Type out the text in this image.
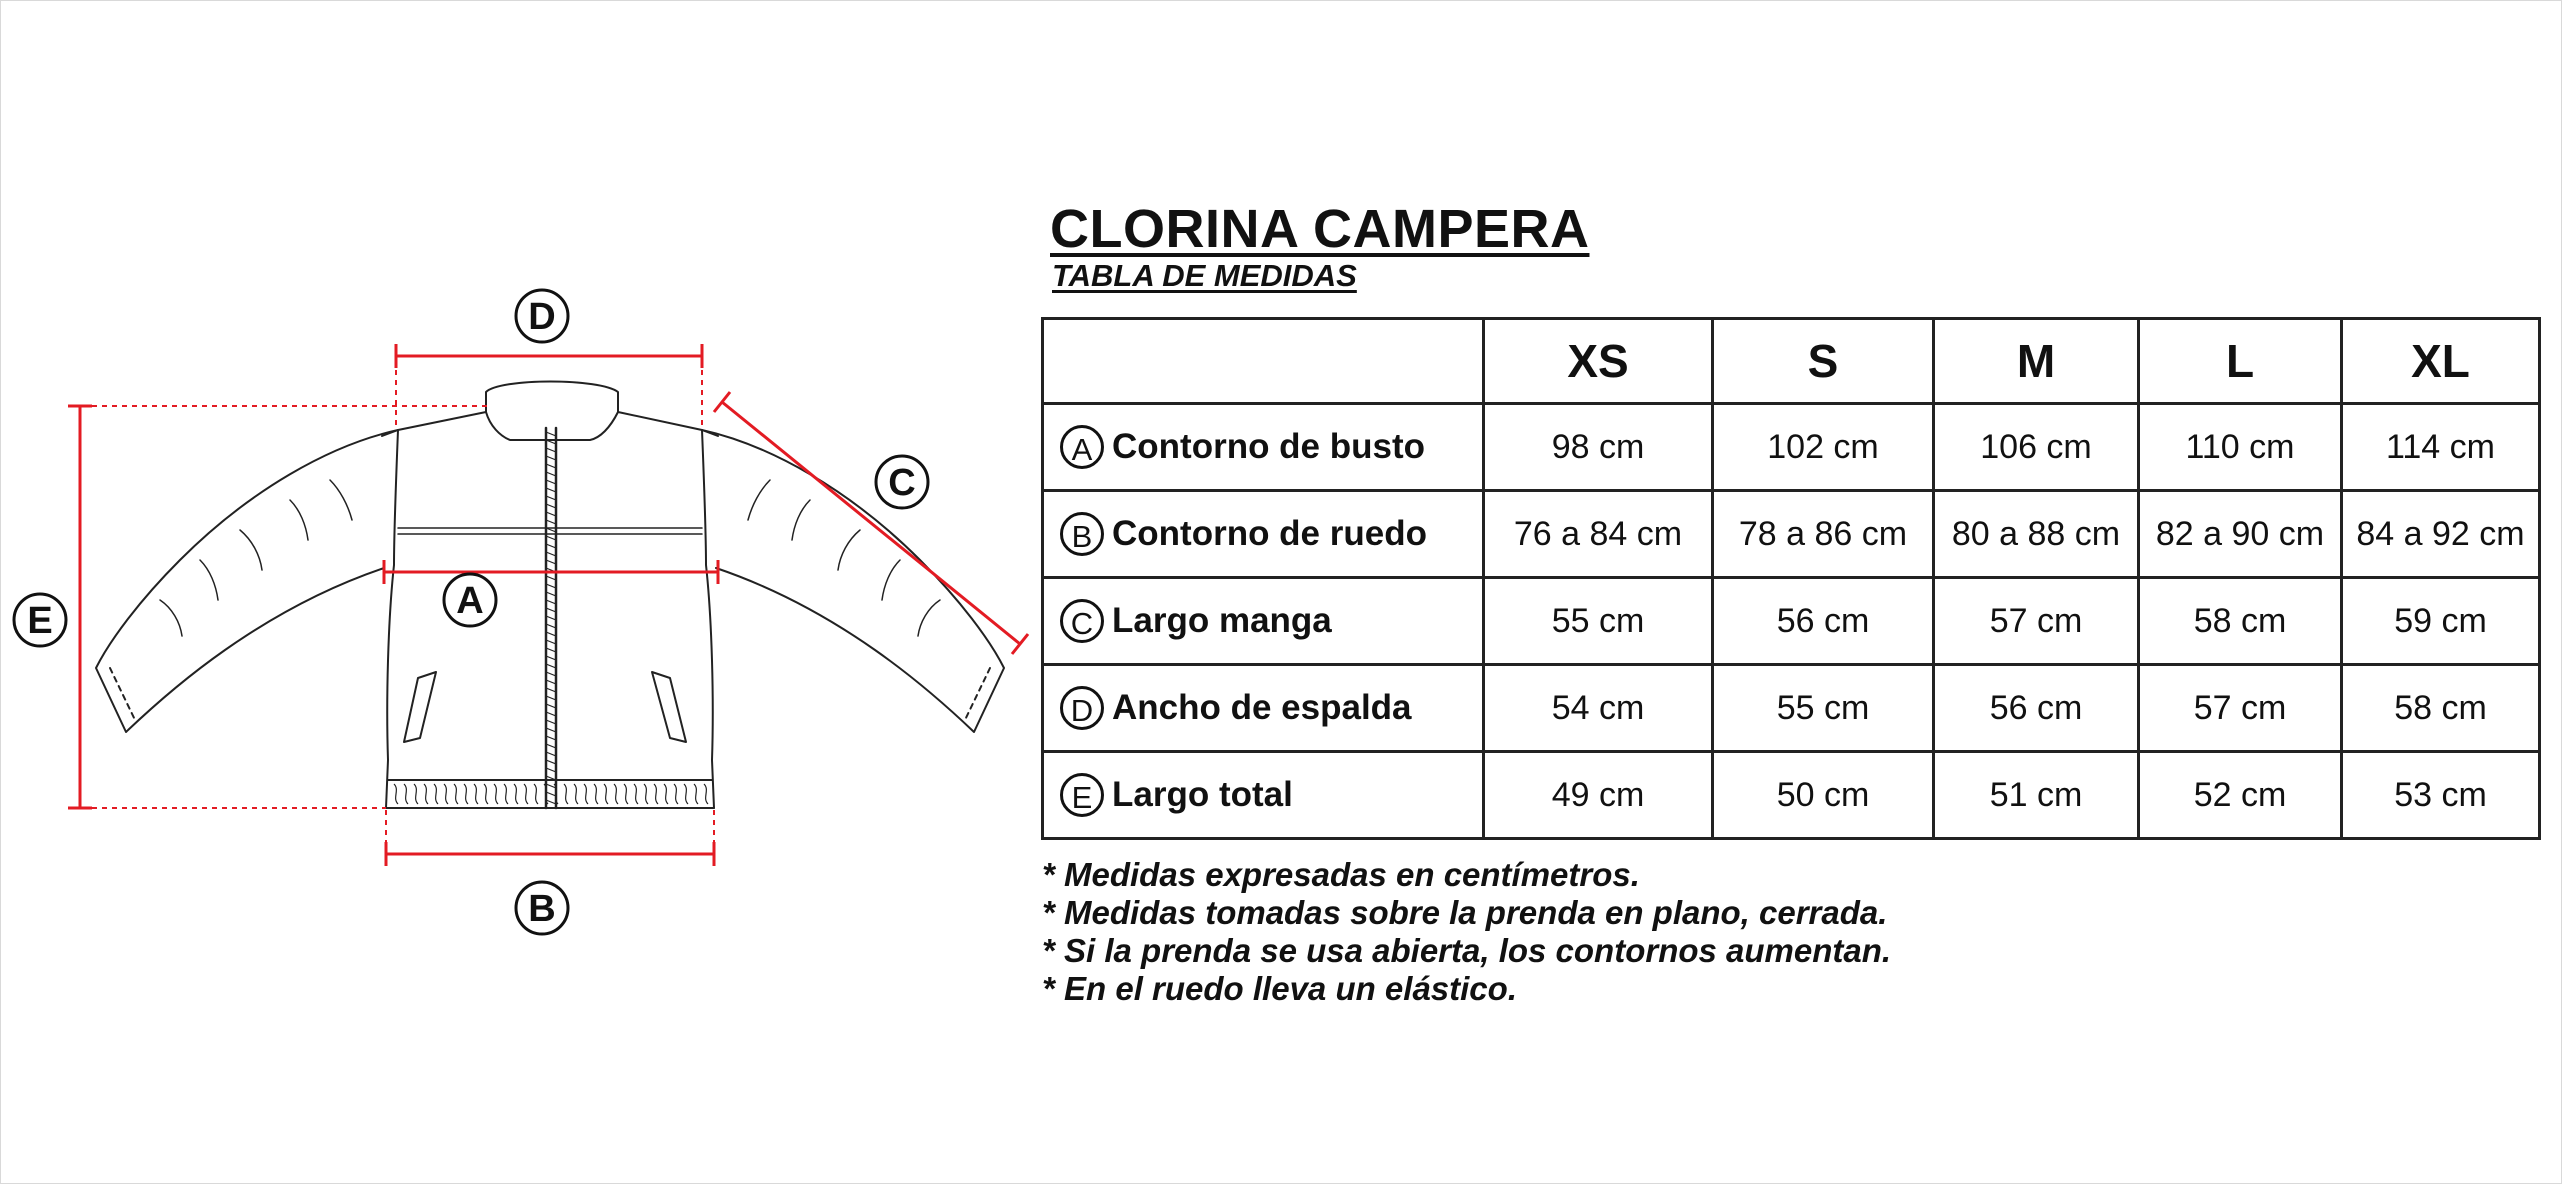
D
A
B
C
E
CLORINA CAMPERA
TABLA DE MEDIDAS
	XS	S	M	L	XL
A Contorno de busto	98 cm	102 cm	106 cm	110 cm	114 cm
B Contorno de ruedo	76 a 84 cm	78 a 86 cm	80 a 88 cm	82 a 90 cm	84 a 92 cm
C Largo manga	55 cm	56 cm	57 cm	58 cm	59 cm
D Ancho de espalda	54 cm	55 cm	56 cm	57 cm	58 cm
E Largo total	49 cm	50 cm	51 cm	52 cm	53 cm
* Medidas expresadas en centímetros.
* Medidas tomadas sobre la prenda en plano, cerrada.
* Si la prenda se usa abierta, los contornos aumentan.
* En el ruedo lleva un elástico.
